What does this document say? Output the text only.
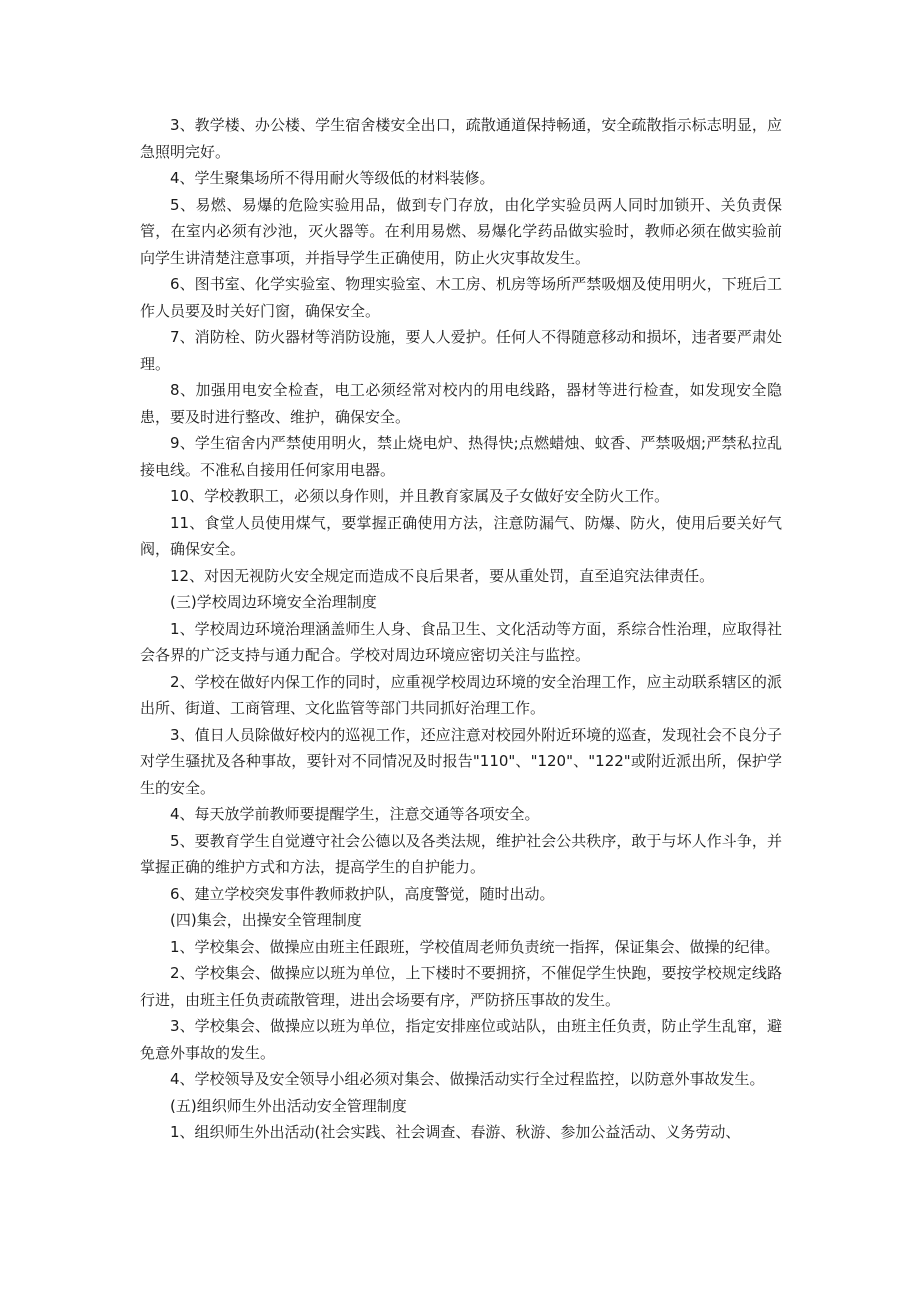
3、教学楼、办公楼、学生宿舍楼安全出口，疏散通道保持畅通，安全疏散指示标志明显，应急照明完好。

4、学生聚集场所不得用耐火等级低的材料装修。

5、易燃、易爆的危险实验用品，做到专门存放，由化学实验员两人同时加锁开、关负责保管，在室内必须有沙池，灭火器等。在利用易燃、易爆化学药品做实验时，教师必须在做实验前向学生讲清楚注意事项，并指导学生正确使用，防止火灾事故发生。

6、图书室、化学实验室、物理实验室、木工房、机房等场所严禁吸烟及使用明火，下班后工作人员要及时关好门窗，确保安全。

7、消防栓、防火器材等消防设施，要人人爱护。任何人不得随意移动和损坏，违者要严肃处理。

8、加强用电安全检查，电工必须经常对校内的用电线路，器材等进行检查，如发现安全隐患，要及时进行整改、维护，确保安全。

9、学生宿舍内严禁使用明火，禁止烧电炉、热得快;点燃蜡烛、蚊香、严禁吸烟;严禁私拉乱接电线。不准私自接用任何家用电器。

10、学校教职工，必须以身作则，并且教育家属及子女做好安全防火工作。

11、食堂人员使用煤气，要掌握正确使用方法，注意防漏气、防爆、防火，使用后要关好气阀，确保安全。

12、对因无视防火安全规定而造成不良后果者，要从重处罚，直至追究法律责任。

(三)学校周边环境安全治理制度

1、学校周边环境治理涵盖师生人身、食品卫生、文化活动等方面，系综合性治理，应取得社会各界的广泛支持与通力配合。学校对周边环境应密切关注与监控。

2、学校在做好内保工作的同时，应重视学校周边环境的安全治理工作，应主动联系辖区的派出所、街道、工商管理、文化监管等部门共同抓好治理工作。

3、值日人员除做好校内的巡视工作，还应注意对校园外附近环境的巡查，发现社会不良分子对学生骚扰及各种事故，要针对不同情况及时报告"110"、"120"、"122"或附近派出所，保护学生的安全。

4、每天放学前教师要提醒学生，注意交通等各项安全。

5、要教育学生自觉遵守社会公德以及各类法规，维护社会公共秩序，敢于与坏人作斗争，并掌握正确的维护方式和方法，提高学生的自护能力。

6、建立学校突发事件教师救护队，高度警觉，随时出动。

(四)集会，出操安全管理制度

1、学校集会、做操应由班主任跟班，学校值周老师负责统一指挥，保证集会、做操的纪律。

2、学校集会、做操应以班为单位，上下楼时不要拥挤，不催促学生快跑，要按学校规定线路行进，由班主任负责疏散管理，进出会场要有序，严防挤压事故的发生。

3、学校集会、做操应以班为单位，指定安排座位或站队，由班主任负责，防止学生乱窜，避免意外事故的发生。

4、学校领导及安全领导小组必须对集会、做操活动实行全过程监控，以防意外事故发生。

(五)组织师生外出活动安全管理制度

1、组织师生外出活动(社会实践、社会调查、春游、秋游、参加公益活动、义务劳动、
